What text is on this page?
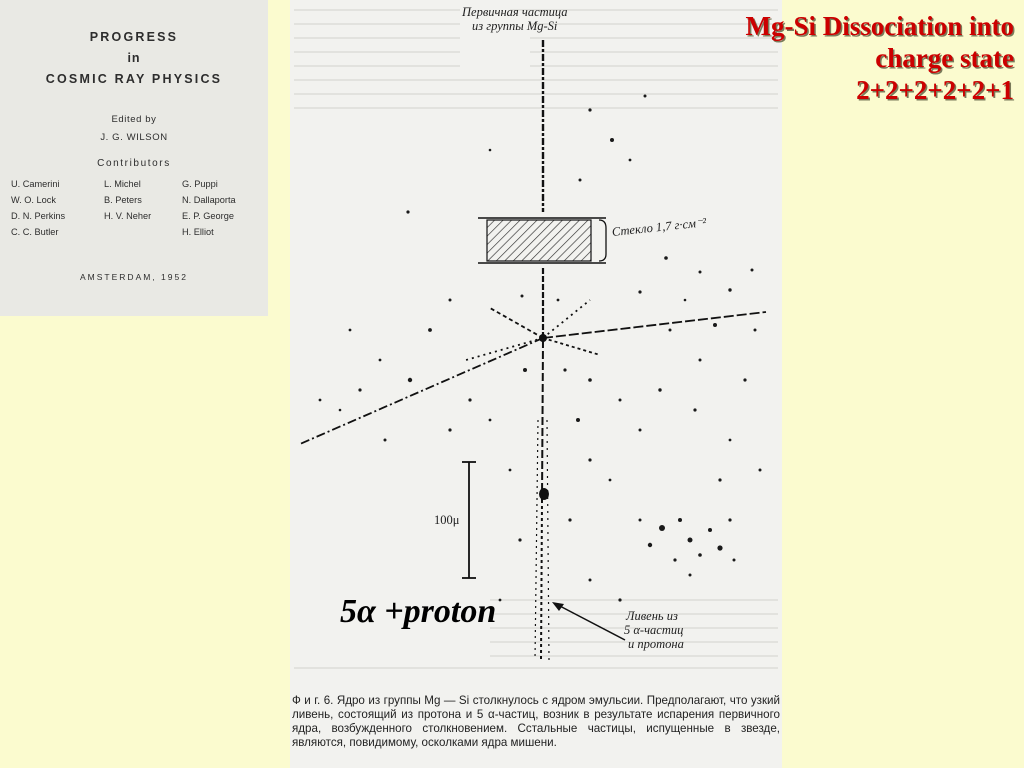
PROGRESS
in
COSMIC RAY PHYSICS
Edited by
J. G. WILSON
Contributors
U. Camerini
W. O. Lock
D. N. Perkins
C. C. Butler
L. Michel
B. Peters
H. V. Neher
G. Puppi
N. Dallaporta
E. P. George
H. Elliot
AMSTERDAM, 1952
Первичная частица
из группы Mg-Si
Стекло 1,7 г·см⁻²
100μ
Ливень из
5 α-частиц
и протона
Ф и г. 6. Ядро из группы Mg — Si столкнулось с ядром эмульсии. Предполагают, что узкий ливень, состоящий из протона и 5 α-частиц, возник в результате испарения первичного ядра, возбужденного столкновением. Сстальные частицы, испущенные в звезде, являются, повидимому, осколками ядра мишени.
5α +proton
Mg-Si Dissociation into
charge state
2+2+2+2+2+1
